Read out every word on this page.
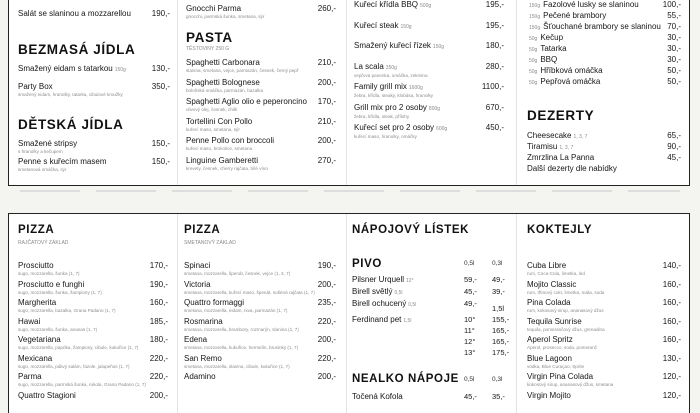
Salát se slaninou a mozzarellou	190,-
BEZMASÁ JÍDLA
Smažený eidam s tatarkou 150g	130,-
Party Box	350,-
smažený eidam, hranolky, tatarka, cibulové kroužky
DĚTSKÁ JÍDLA
Smažené stripsy	150,-
s hranolky a kečupem
Penne s kuřecím masem	150,-
smetanová omáčka, sýr
Gnocchi Parma	260,-
gnocchi, parmská šunka, smetana, sýr
PASTA
TĚSTOVINY 250 G
Spaghetti Carbonara	210,-
slanina, smetana, vejce, parmazán, česnek, černý pepř
Spaghetti Bolognese	200,-
boloňská omáčka, parmazán, bazalka
Spaghetti Aglio olio e peperoncino 170,-
olivový olej, česnek, chilli
Tortellini Con Pollo	210,-
kuřecí maso, smetana, sýr
Penne Pollo con broccoli	200,-
kuřecí maso, brokolice, smetana
Linguine Gamberetti	270,-
krevety, česnek, cherry rajčata, bílé víno
Kuřecí křídla BBQ 500g	195,-
Kuřecí steak 150g	195,-
Smažený kuřecí řízek 150g	180,-
La scala 350g	280,-
vepřová panenka, omáčka, zelenina
Family grill mix 1600g	1100,-
žebra, křídla, steaky, klobása, hranolky
Grill mix pro 2 osoby 800g	670,-
žebra, křídla, steak, přílohy
Kuřecí set pro 2 osoby 600g	450,-
kuřecí maso, hranolky, omáčky
150g Fazolové lusky se slaninou	100,-
150g Pečené brambory	55,-
150g Šťouchané brambory se slaninou 70,-
50g Kečup	30,-
50g Tatarka	30,-
50g BBQ	30,-
50g Hříbková omáčka	50,-
50g Pepřová omáčka	50,-
DEZERTY
Cheesecake 1, 3, 7	65,-
Tiramisu 1, 3, 7	90,-
Zmrzlina La Panna	45,-
Další dezerty dle nabídky
PIZZA
RAJČATOVÝ ZÁKLAD
Prosciutto	170,-
sugo, mozzarella, šunka (1, 7)
Prosciutto e funghi	190,-
sugo, mozzarella, šunka, žampiony (1, 7)
Margherita	160,-
sugo, mozzarella, bazalka, Grana Padano (1, 7)
Hawai	185,-
sugo, mozzarella, šunka, ananas (1, 7)
Vegetariana	180,-
sugo, mozzarella, paprika, žampiony, cibule, kukuřice (1, 7)
Mexicana	220,-
sugo, mozzarella, pálivý salám, fazole, jalapeños (1, 7)
Parma	220,-
sugo, mozzarella, parmská šunka, rukola, Grana Padano (1, 7)
Quattro Stagioni	200,-
PIZZA
SMETANOVÝ ZÁKLAD
Spinaci	190,-
smetana, mozzarella, špenát, česnek, vejce (1, 3, 7)
Victoria	200,-
smetana, mozzarella, kuřecí maso, špenát, sušená rajčata (1, 7)
Quattro formaggi	235,-
smetana, mozzarella, eidam, niva, parmazán (1, 7)
Rosmarina	220,-
smetana, mozzarella, brambory, rozmarýn, slanina (1, 7)
Edena	200,-
smetana, mozzarella, kukuřice, hermelín, brusinky (1, 7)
San Remo	220,-
smetana, mozzarella, slanina, cibule, kukuřice (1, 7)
Adamino	200,-
NÁPOJOVÝ LÍSTEK
PIVO	0,5l	0,3l
Pilsner Urquell 12°	59,- 49,-
Birell světlý 0,5l	45,- 39,-
Birell ochucený 0,5l	49,-
1,5l
Ferdinand pet 1,5l	10° 155,-
11° 165,-
12° 165,-
13° 175,-
NEALKO NÁPOJE 0,5l	0,3l
Točená Kofola	45,- 35,-
KOKTEJLY
Cuba Libre	140,-
rum, Coca-Cola, limetka, led
Mojito Classic	160,-
rum, třtinový cukr, limetka, máta, soda
Pina Colada	160,-
rum, kokosový sirup, ananasový džus
Tequila Sunrise	160,-
tequila, pomerančový džus, grenadina
Aperol Spritz	160,-
Aperol, prosecco, soda, pomeranč
Blue Lagoon	130,-
vodka, Blue Curaçao, Sprite
Virgin Pina Colada	120,-
kokosový sirup, ananasový džus, smetana
Virgin Mojito	120,-
